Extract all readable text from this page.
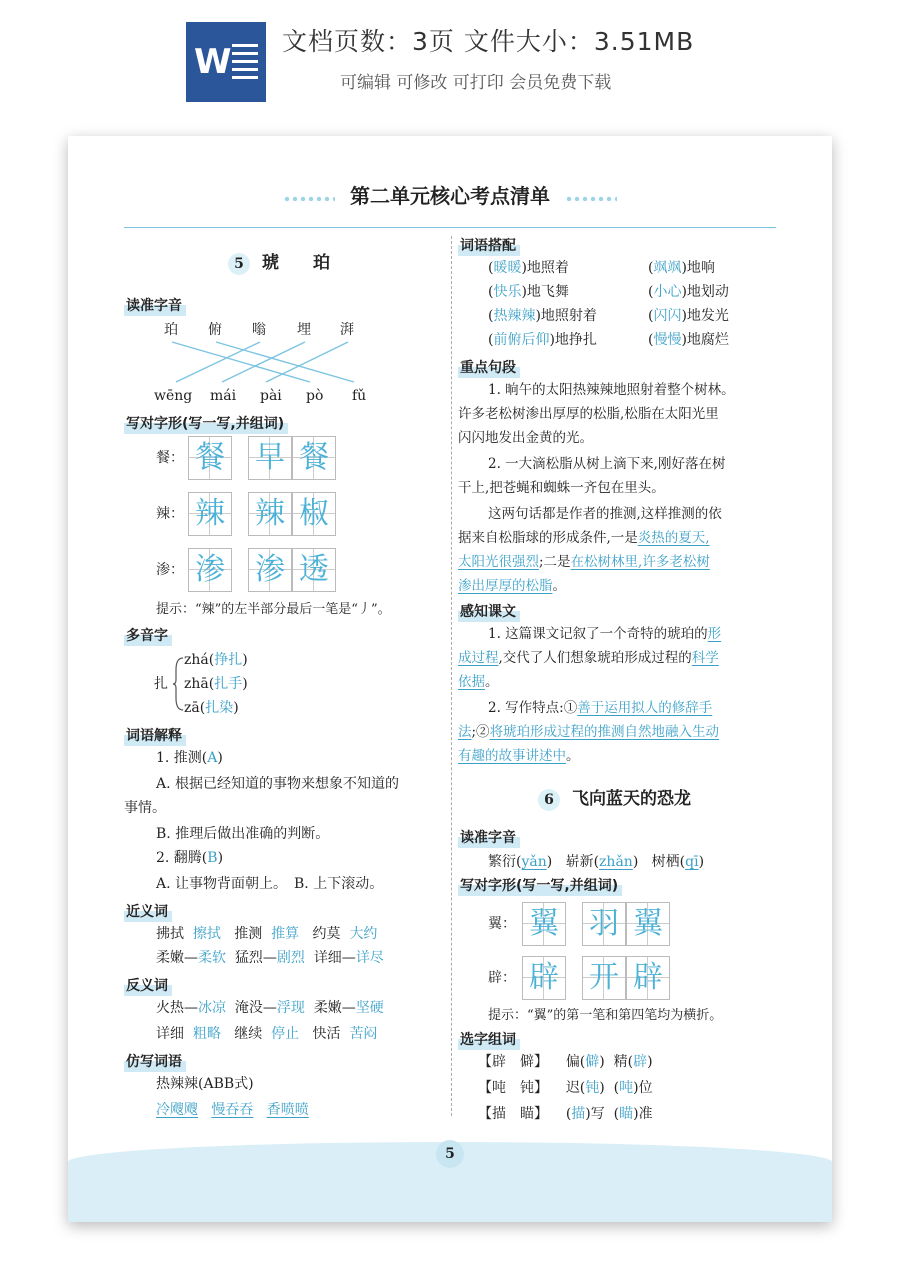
W
文档页数：3页 文件大小：3.51MB
可编辑 可修改 可打印 会员免费下载
第二单元核心考点清单
5 琥　　珀
读准字音
珀 俯 嗡 埋 湃
wēng mái pài pò fǔ
写对字形(写一写,并组词)
餐： 餐 早 餐
辣： 辣 辣 椒
渗： 渗 渗 透
提示：“辣”的左半部分最后一笔是“丿”。
多音字
扎
zhá(挣扎)
zhā(扎手)
zā(扎染)
词语解释
1. 推测(A)
A. 根据已经知道的事物来想象不知道的
事情。
B. 推理后做出准确的判断。
2. 翻腾(B)
A. 让事物背面朝上。　B. 上下滚动。
近义词
拂拭 擦拭 推测 推算 约莫 大约
柔嫩—柔软 猛烈—剧烈 详细—详尽
反义词
火热—冰凉 淹没—浮现 柔嫩—坚硬
详细 粗略 继续 停止 快活 苦闷
仿写词语
热辣辣(ABB式)
冷飕飕 慢吞吞 香喷喷
词语搭配
(暖暖)地照着	(飒飒)地响
(快乐)地飞舞	(小心)地划动
(热辣辣)地照射着	(闪闪)地发光
(前俯后仰)地挣扎	(慢慢)地腐烂
重点句段
1. 晌午的太阳热辣辣地照射着整个树林。
许多老松树渗出厚厚的松脂,松脂在太阳光里
闪闪地发出金黄的光。
2. 一大滴松脂从树上滴下来,刚好落在树
干上,把苍蝇和蜘蛛一齐包在里头。
这两句话都是作者的推测,这样推测的依
据来自松脂球的形成条件,一是炎热的夏天,
太阳光很强烈;二是在松树林里,许多老松树
渗出厚厚的松脂。
感知课文
1. 这篇课文记叙了一个奇特的琥珀的形
成过程,交代了人们想象琥珀形成过程的科学
依据。
2. 写作特点:①善于运用拟人的修辞手
法;②将琥珀形成过程的推测自然地融入生动
有趣的故事讲述中。
6 飞向蓝天的恐龙
读准字音
繁衍(yǎn) 崭新(zhǎn) 树栖(qī)
写对字形(写一写,并组词)
翼： 翼 羽 翼
辟： 辟 开 辟
提示：“翼”的第一笔和第四笔均为横折。
选字组词
【辟　僻】 偏(僻) 精(辟)
【吨　钝】 迟(钝) (吨)位
【描　瞄】 (描)写 (瞄)准
5
